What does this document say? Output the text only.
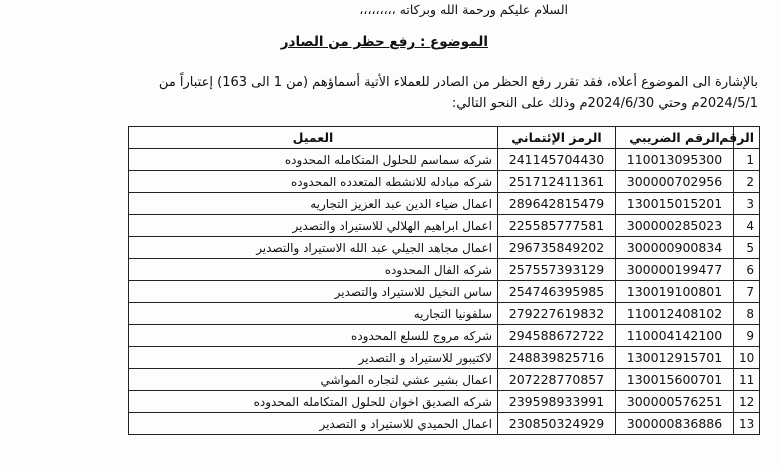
السلام عليكم ورحمة الله وبركاته ،،،،،،،،،
الموضوع : رفع حظر من الصادر
بالإشارة الى الموضوع أعلاه، فقد تقرر رفع الحظر من الصادر للعملاء الأتية أسماؤهم (من 1 الى 163) إعتباراً من
2024/5/1م وحتي 2024/6/30م وذلك على النحو التالي:
الرقم	الرقم الضريبي	الرمز الإئتماني	العميل
1	110013095300	241145704430	شركه سماسم للحلول المتكامله المحدوده
2	300000702956	251712411361	شركه مبادله للانشطه المتعدده المحدوده
3	130015015201	289642815479	اعمال ضياء الدين عبد العزيز التجاريه
4	300000285023	225585777581	اعمال ابراهيم الهلالي للاستيراد والتصدير
5	300000900834	296735849202	اعمال مجاهد الجيلي عبد الله الاستيراد والتصدير
6	300000199477	257557393129	شركه الفال المحدوده
7	130019100801	254746395985	ساس النخيل للاستيراد والتصدير
8	110012408102	279227619832	سلفونيا التجاريه
9	110004142100	294588672722	شركه مروج للسلع المحدوده
10	130012915701	248839825716	لاكتيبور للاستيراد و التصدير
11	130015600701	207228770857	اعمال بشير عشي لتجاره المواشي
12	300000576251	239598933991	شركه الصديق اخوان للحلول المتكامله المحدوده
13	300000836886	230850324929	اعمال الحميدي للاستيراد و التصدير
